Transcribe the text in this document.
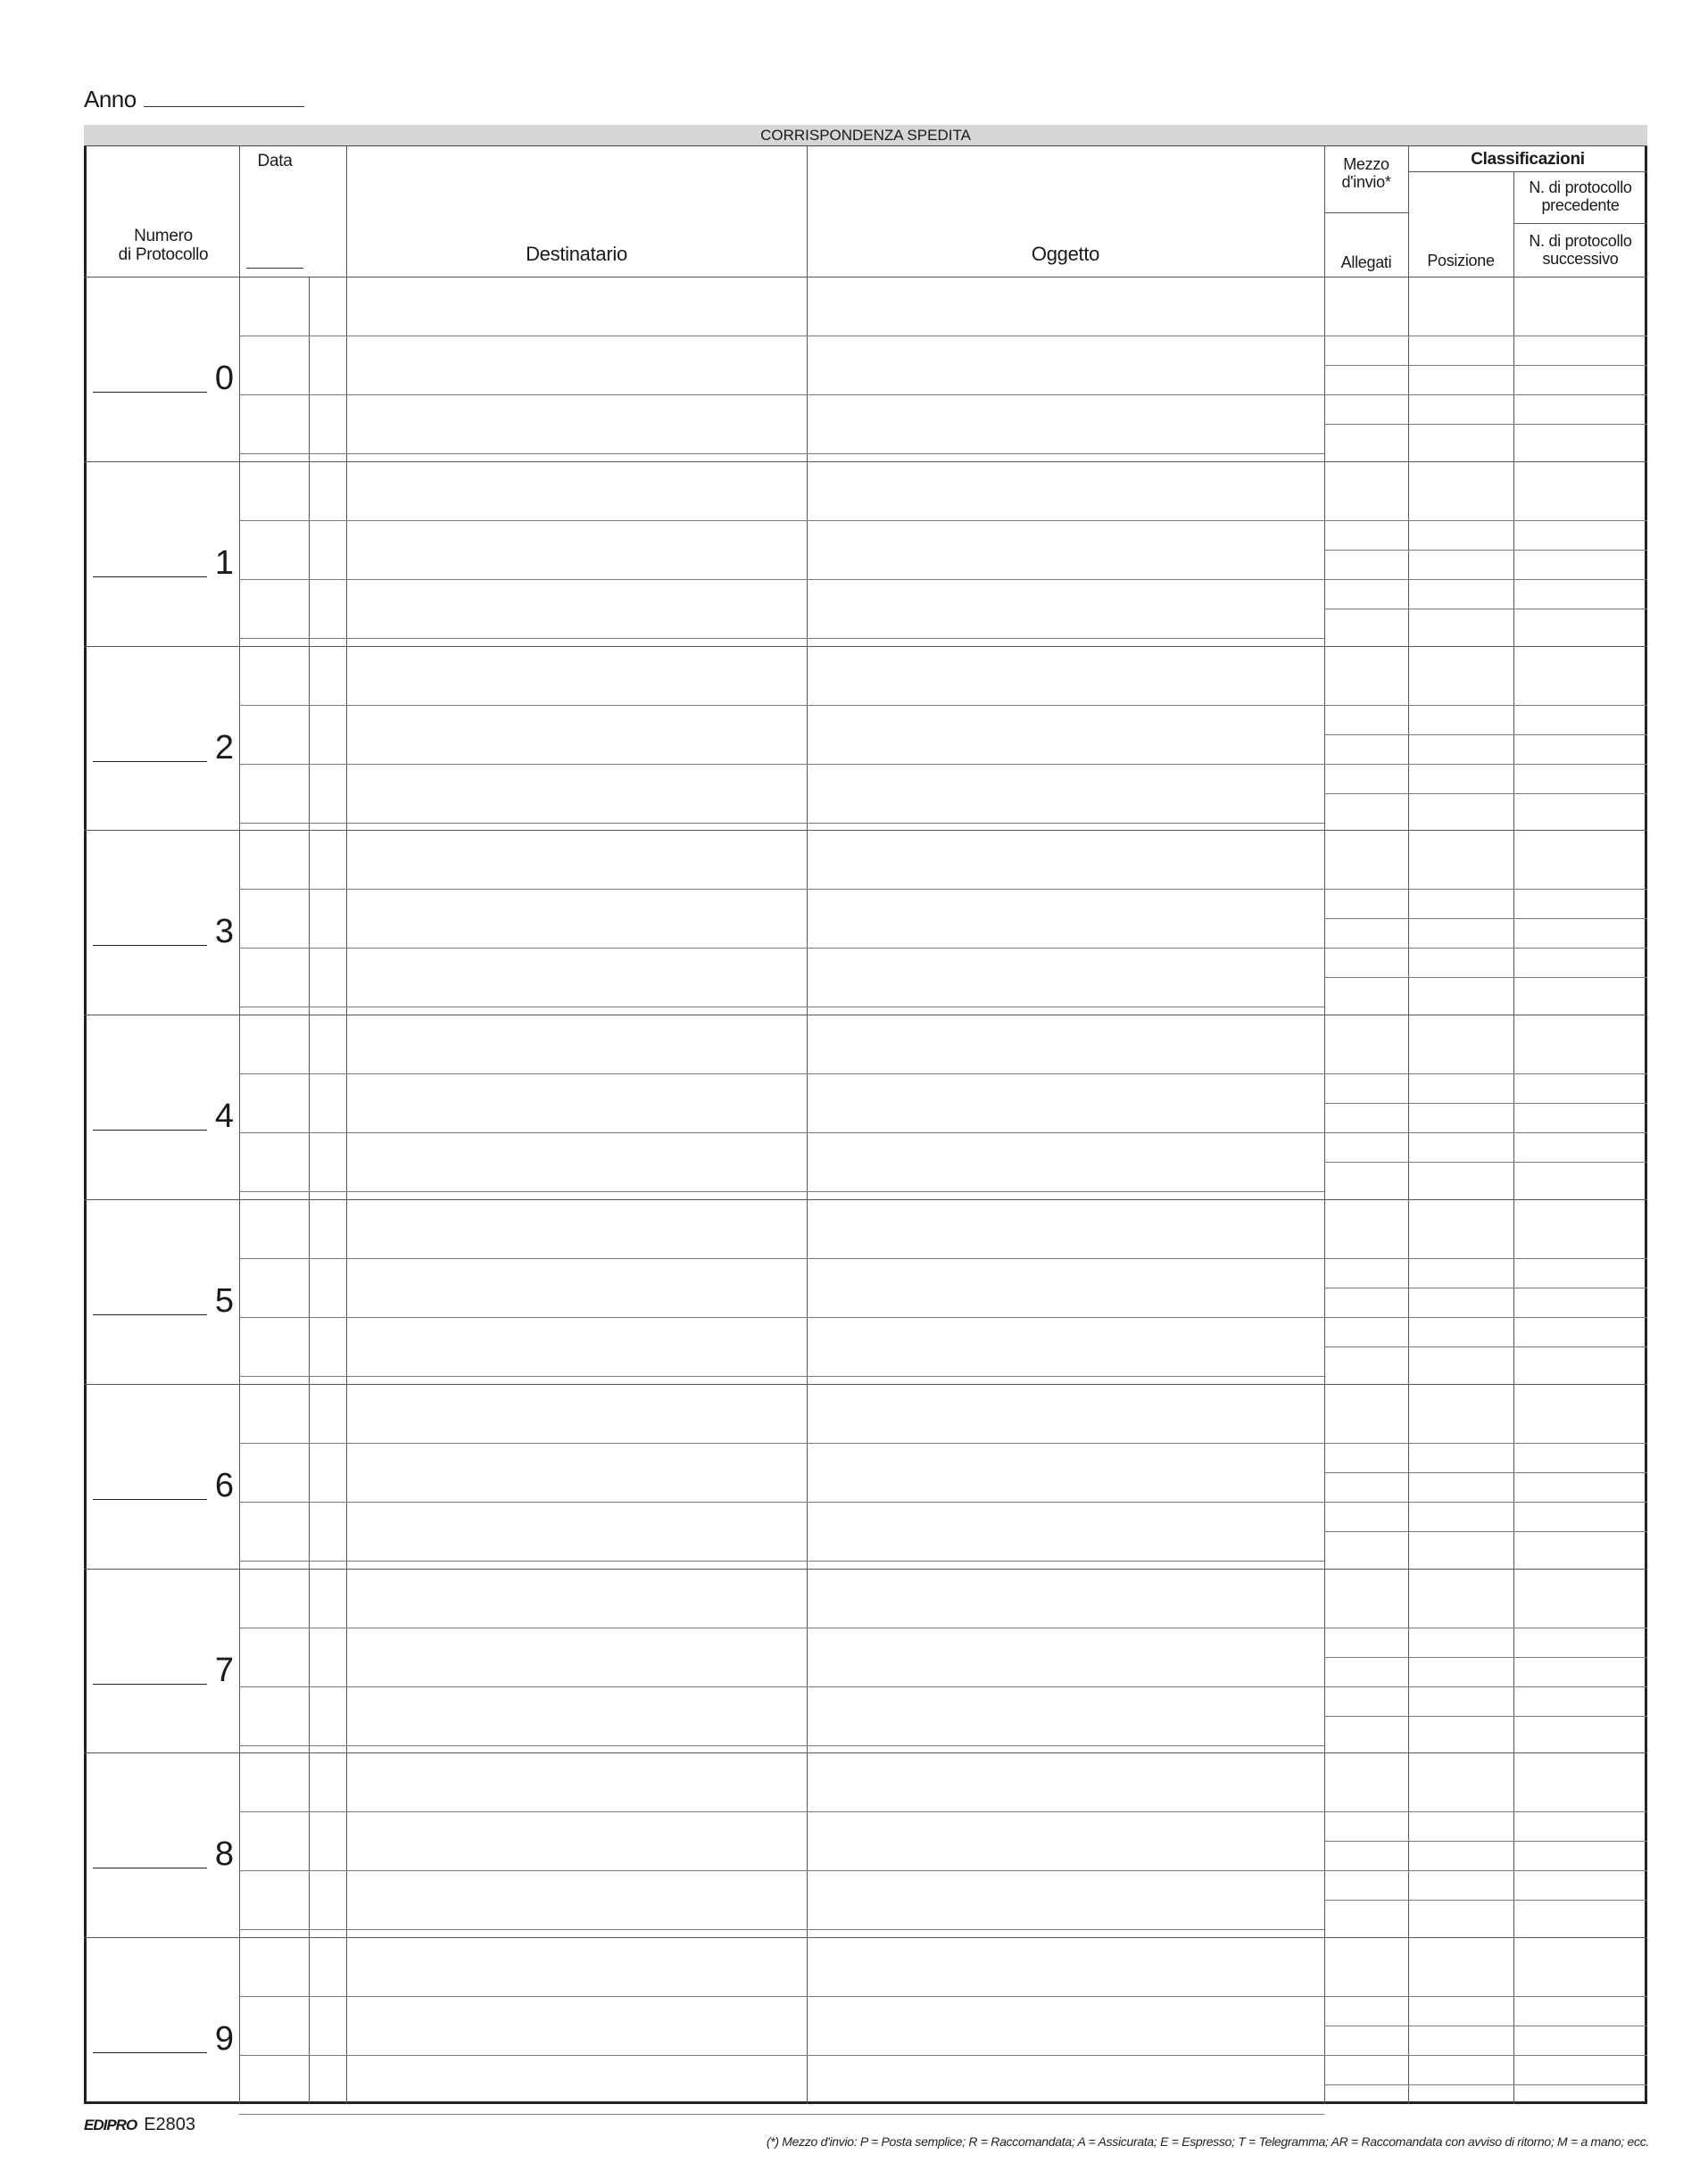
Anno
CORRISPONDENZA SPEDITA
Numero
di Protocollo
Data
Destinatario	Oggetto
Mezzo
d'invio*
Allegati
Classificazioni
Posizione
N. di protocollo
precedente
N. di protocollo
successivo
0
1
2
3
4
5
6
7
8
9
EDIPRO E2803
(*) Mezzo d'invio: P = Posta semplice; R = Raccomandata; A = Assicurata; E = Espresso; T = Telegramma; AR = Raccomandata con avviso di ritorno; M = a mano; ecc.
